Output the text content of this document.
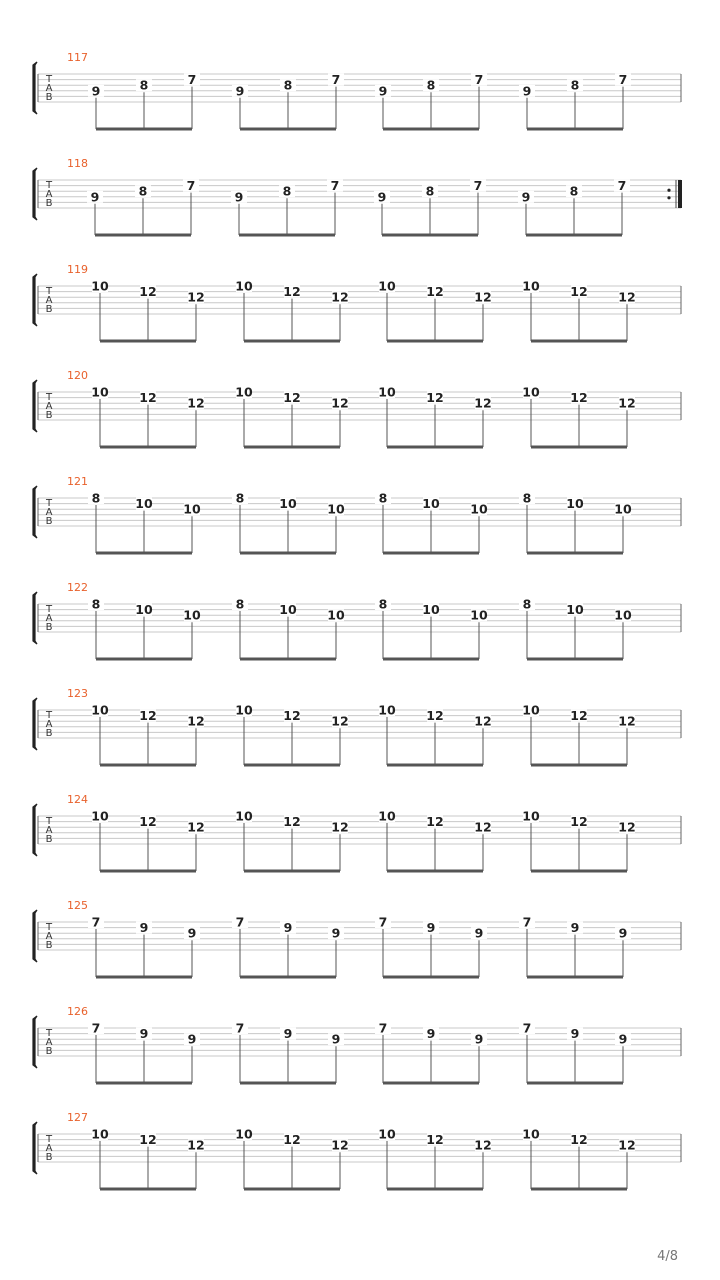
T
A
B
117
9	8	7
9	8	7
9	8	7
9	8	7
T
A
B
118
9	8	7
9	8	7
9	8	7
9	8	7
T
A
B
119
10 12 12
10 12 12
10 12 12
10 12 12
T
A
B
120
10 12 12
10 12 12
10 12 12
10 12 12
T
A
B
121
8	10 10
8	10 10
8	10 10
8	10 10
T
A
B
122
8	10 10
8	10 10
8	10 10
8	10 10
T
A
B
123
10 12 12
10 12 12
10 12 12
10 12 12
T
A
B
124
10 12 12
10 12 12
10 12 12
10 12 12
T
A
B
125
7	9	9
7	9	9
7	9	9
7	9	9
T
A
B
126
7	9	9
7	9	9
7	9	9
7	9	9
T
A
B
127
10 12 12
10 12 12
10 12 12
10 12 12
4/8
